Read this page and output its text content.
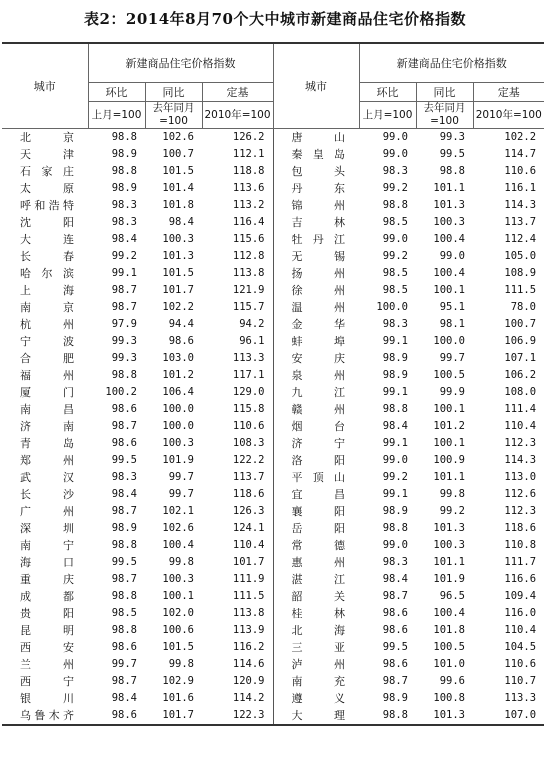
表2：2014年8月70个大中城市新建商品住宅价格指数
城市	新建商品住宅价格指数			城市	新建商品住宅价格指数		
	环比	同比	定基		环比	同比	定基
	上月=100	去年同月=100	2010年=100		上月=100	去年同月=100	2010年=100
北京	98.8	102.6	126.2	唐山	99.0	99.3	102.2
天津	98.9	100.7	112.1	秦皇岛	99.0	99.5	114.7
石家庄	98.8	101.5	118.8	包头	98.3	98.8	110.6
太原	98.9	101.4	113.6	丹东	99.2	101.1	116.1
呼和浩特	98.3	101.8	113.2	锦州	98.8	101.3	114.3
沈阳	98.3	98.4	116.4	吉林	98.5	100.3	113.7
大连	98.4	100.3	115.6	牡丹江	99.0	100.4	112.4
长春	99.2	101.3	112.8	无锡	99.2	99.0	105.0
哈尔滨	99.1	101.5	113.8	扬州	98.5	100.4	108.9
上海	98.7	101.7	121.9	徐州	98.5	100.1	111.5
南京	98.7	102.2	115.7	温州	100.0	95.1	78.0
杭州	97.9	94.4	94.2	金华	98.3	98.1	100.7
宁波	99.3	98.6	96.1	蚌埠	99.1	100.0	106.9
合肥	99.3	103.0	113.3	安庆	98.9	99.7	107.1
福州	98.8	101.2	117.1	泉州	98.9	100.5	106.2
厦门	100.2	106.4	129.0	九江	99.1	99.9	108.0
南昌	98.6	100.0	115.8	赣州	98.8	100.1	111.4
济南	98.7	100.0	110.6	烟台	98.4	101.2	110.4
青岛	98.6	100.3	108.3	济宁	99.1	100.1	112.3
郑州	99.5	101.9	122.2	洛阳	99.0	100.9	114.3
武汉	98.3	99.7	113.7	平顶山	99.2	101.1	113.0
长沙	98.4	99.7	118.6	宜昌	99.1	99.8	112.6
广州	98.7	102.1	126.3	襄阳	98.9	99.2	112.3
深圳	98.9	102.6	124.1	岳阳	98.8	101.3	118.6
南宁	98.8	100.4	110.4	常德	99.0	100.3	110.8
海口	99.5	99.8	101.7	惠州	98.3	101.1	111.7
重庆	98.7	100.3	111.9	湛江	98.4	101.9	116.6
成都	98.8	100.1	111.5	韶关	98.7	96.5	109.4
贵阳	98.5	102.0	113.8	桂林	98.6	100.4	116.0
昆明	98.8	100.6	113.9	北海	98.6	101.8	110.4
西安	98.6	101.5	116.2	三亚	99.5	100.5	104.5
兰州	99.7	99.8	114.6	泸州	98.6	101.0	110.6
西宁	98.7	102.9	120.9	南充	98.7	99.6	110.7
银川	98.4	101.6	114.2	遵义	98.9	100.8	113.3
乌鲁木齐	98.6	101.7	122.3	大理	98.8	101.3	107.0
